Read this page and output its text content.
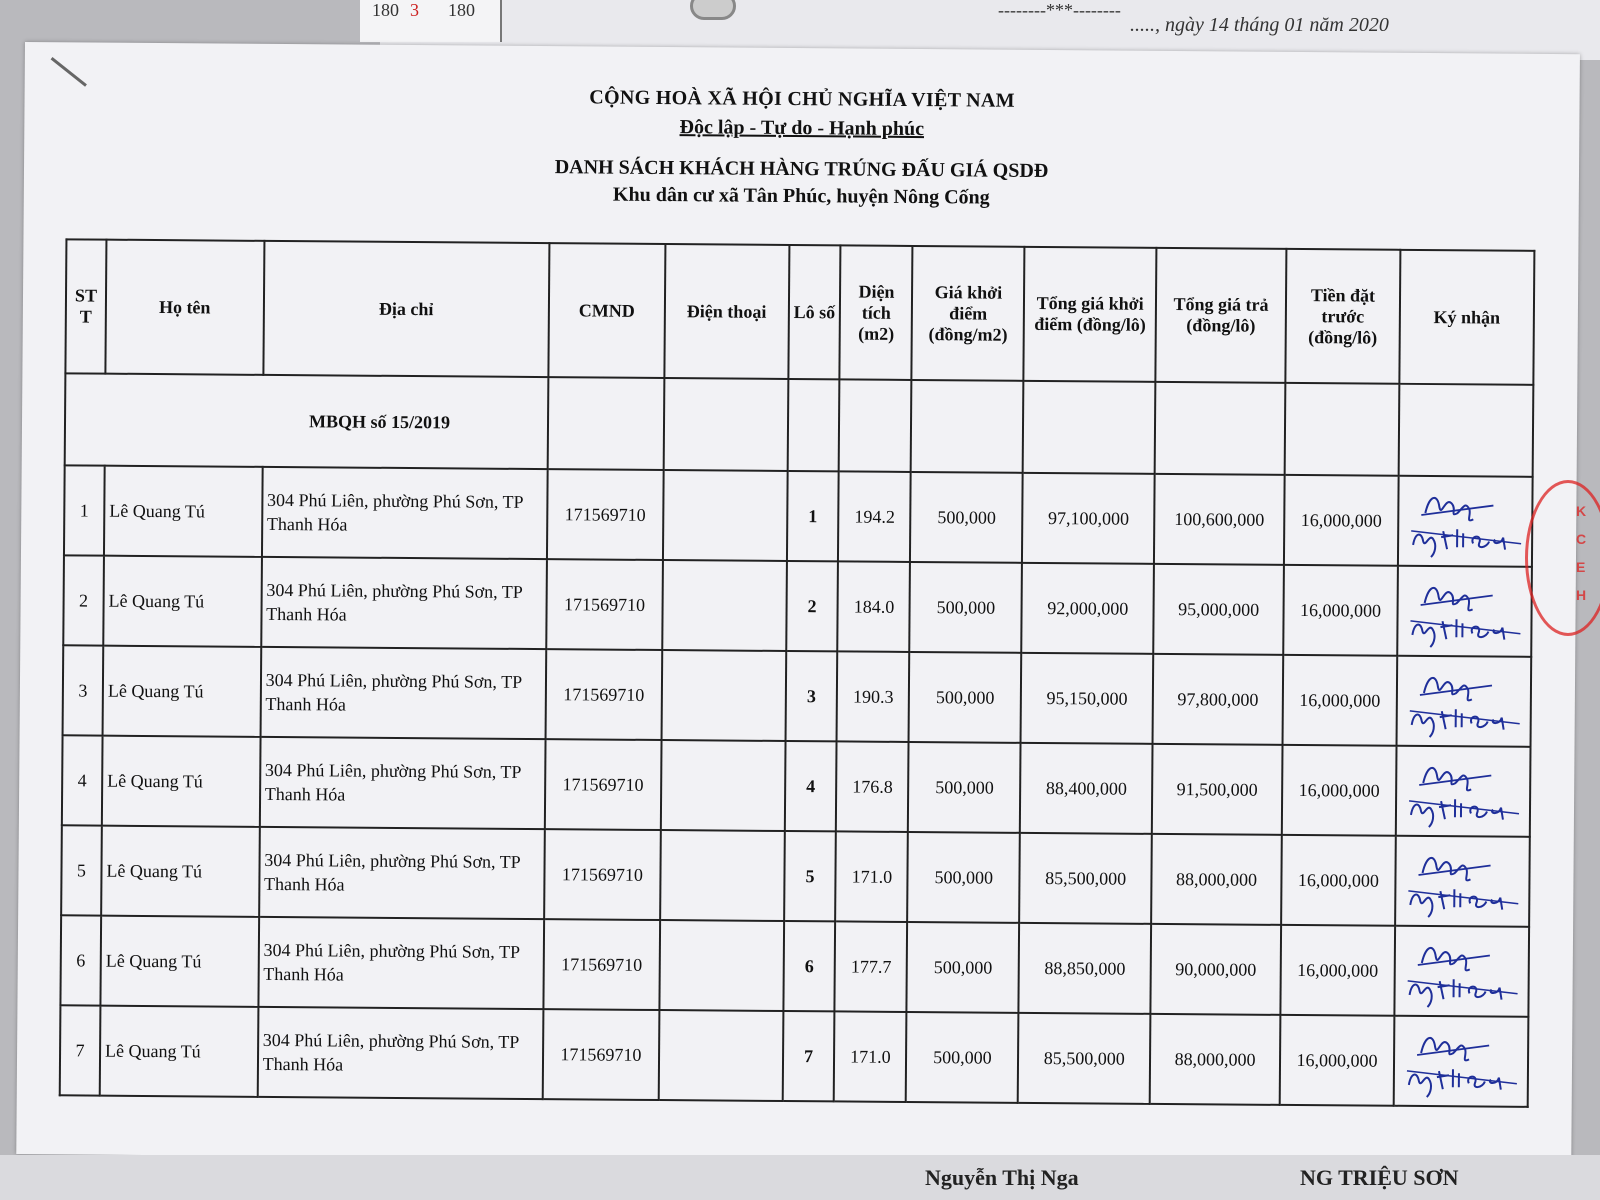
180 3 180	--------***--------
....., ngày 14 tháng 01 năm 2020
CỘNG HOÀ XÃ HỘI CHỦ NGHĨA VIỆT NAM
Độc lập - Tự do - Hạnh phúc
DANH SÁCH KHÁCH HÀNG TRÚNG ĐẤU GIÁ QSDĐ
Khu dân cư xã Tân Phúc, huyện Nông Cống
ST T	Họ tên	Địa chỉ	CMND	Điện thoại	Lô số	Diện tích (m2)	Giá khởi điểm (đồng/m2)	Tổng giá khởi điểm (đồng/lô)	Tổng giá trả (đồng/lô)	Tiền đặt trước (đồng/lô)	Ký nhận
MBQH số 15/2019											
1	Lê Quang Tú	304 Phú Liên, phường Phú Sơn, TP Thanh Hóa	171569710		1	194.2	500,000	97,100,000	100,600,000	16,000,000	

2	Lê Quang Tú	304 Phú Liên, phường Phú Sơn, TP Thanh Hóa	171569710		2	184.0	500,000	92,000,000	95,000,000	16,000,000	

3	Lê Quang Tú	304 Phú Liên, phường Phú Sơn, TP Thanh Hóa	171569710		3	190.3	500,000	95,150,000	97,800,000	16,000,000	

4	Lê Quang Tú	304 Phú Liên, phường Phú Sơn, TP Thanh Hóa	171569710		4	176.8	500,000	88,400,000	91,500,000	16,000,000	

5	Lê Quang Tú	304 Phú Liên, phường Phú Sơn, TP Thanh Hóa	171569710		5	171.0	500,000	85,500,000	88,000,000	16,000,000	

6	Lê Quang Tú	304 Phú Liên, phường Phú Sơn, TP Thanh Hóa	171569710		6	177.7	500,000	88,850,000	90,000,000	16,000,000	

7	Lê Quang Tú	304 Phú Liên, phường Phú Sơn, TP Thanh Hóa	171569710		7	171.0	500,000	85,500,000	88,000,000	16,000,000	
K
C
E
H
Nguyễn Thị Nga	NG TRIỆU SƠN
